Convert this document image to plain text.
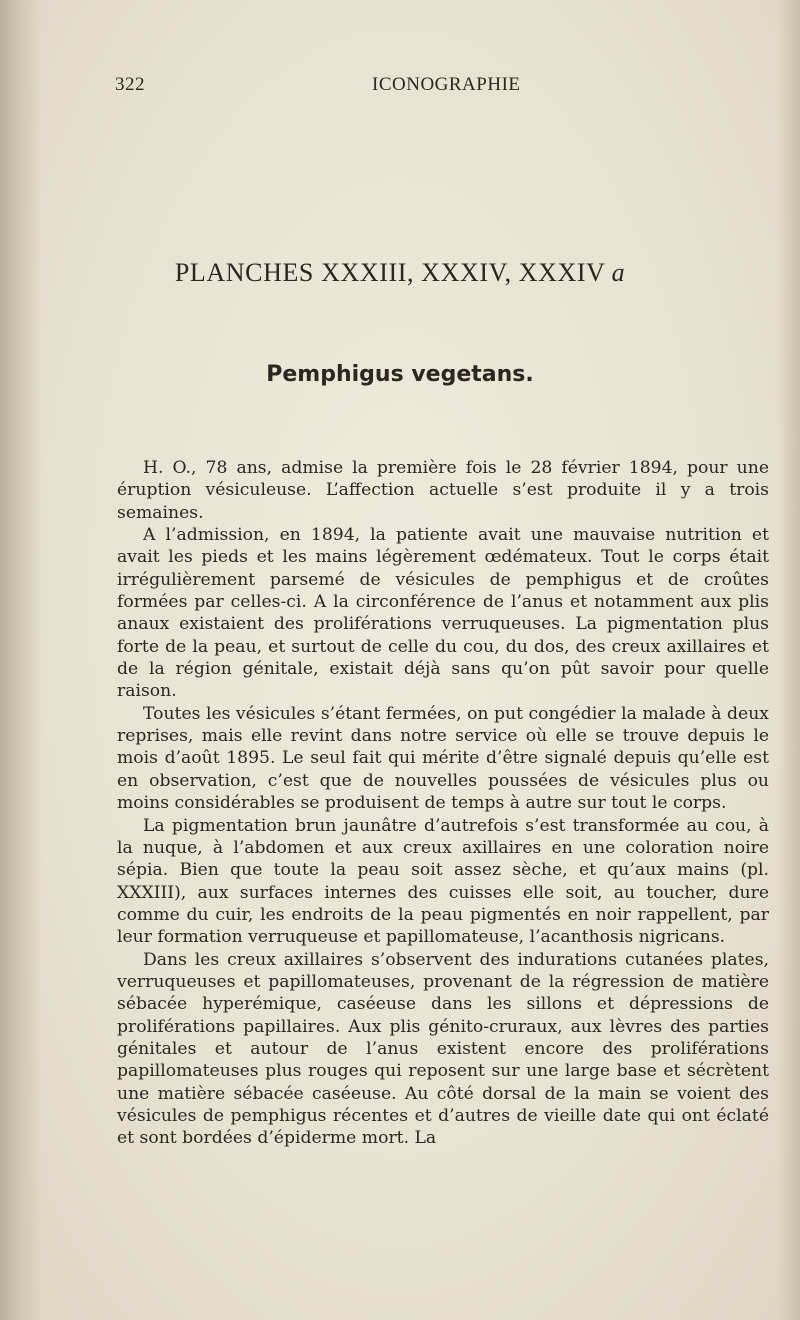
322	ICONOGRAPHIE
PLANCHES XXXIII, XXXIV, XXXIV a
Pemphigus vegetans.

H. O., 78 ans, admise la première fois le 28 février 1894, pour une éruption vésiculeuse. L’affection actuelle s’est produite il y a trois semaines.

A l’admission, en 1894, la patiente avait une mauvaise nutrition et avait les pieds et les mains légèrement œdémateux. Tout le corps était irrégulièrement parsemé de vésicules de pemphigus et de croûtes formées par celles-ci. A la circonférence de l’anus et notamment aux plis anaux existaient des proliférations verruqueuses. La pigmentation plus forte de la peau, et surtout de celle du cou, du dos, des creux axillaires et de la région génitale, existait déjà sans qu’on pût savoir pour quelle raison.

Toutes les vésicules s’étant fermées, on put congédier la malade à deux reprises, mais elle revint dans notre service où elle se trouve depuis le mois d’août 1895. Le seul fait qui mérite d’être signalé depuis qu’elle est en observation, c’est que de nouvelles poussées de vésicules plus ou moins considérables se produisent de temps à autre sur tout le corps.

La pigmentation brun jaunâtre d’autrefois s’est transformée au cou, à la nuque, à l’abdomen et aux creux axillaires en une coloration noire sépia. Bien que toute la peau soit assez sèche, et qu’aux mains (pl. XXXIII), aux surfaces internes des cuisses elle soit, au toucher, dure comme du cuir, les endroits de la peau pigmentés en noir rappellent, par leur formation verruqueuse et papillomateuse, l’acanthosis nigricans.

Dans les creux axillaires s’observent des indurations cutanées plates, verruqueuses et papillomateuses, provenant de la régression de matière sébacée hyperémique, caséeuse dans les sillons et dépressions de proliférations papillaires. Aux plis génito-cruraux, aux lèvres des parties génitales et autour de l’anus existent encore des proliférations papillomateuses plus rouges qui reposent sur une large base et sécrètent une matière sébacée caséeuse. Au côté dorsal de la main se voient des vésicules de pemphigus récentes et d’autres de vieille date qui ont éclaté et sont bordées d’épiderme mort. La
